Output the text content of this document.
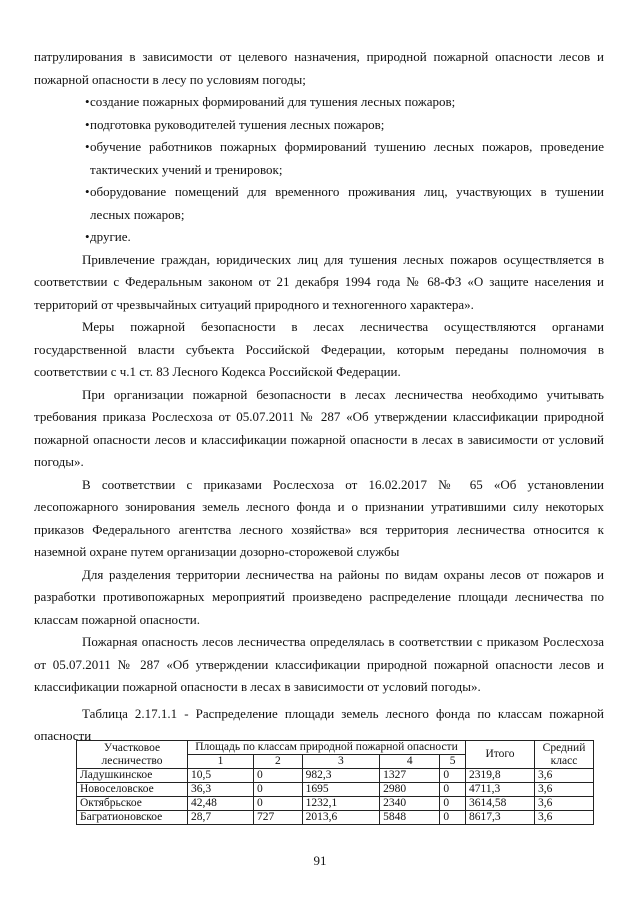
патрулирования в зависимости от целевого назначения, природной пожарной опасности лесов и пожарной опасности в лесу по условиям погоды;

• создание пожарных формирований для тушения лесных пожаров;

• подготовка руководителей тушения лесных пожаров;

• обучение работников пожарных формирований тушению лесных пожаров, проведение тактических учений и тренировок;

• оборудование помещений для временного проживания лиц, участвующих в тушении лесных пожаров;

• другие.

Привлечение граждан, юридических лиц для тушения лесных пожаров осуществляется в соответствии с Федеральным законом от 21 декабря 1994 года № 68-ФЗ «О защите населения и территорий от чрезвычайных ситуаций природного и техногенного характера».

Меры пожарной безопасности в лесах лесничества осуществляются органами государственной власти субъекта Российской Федерации, которым переданы полномочия в соответствии с ч.1 ст. 83 Лесного Кодекса Российской Федерации.

При организации пожарной безопасности в лесах лесничества необходимо учитывать требования приказа Рослесхоза от 05.07.2011 № 287 «Об утверждении классификации природной пожарной опасности лесов и классификации пожарной опасности в лесах в зависимости от условий погоды».

В соответствии с приказами Рослесхоза от 16.02.2017 № 65 «Об установлении лесопожарного зонирования земель лесного фонда и о признании утратившими силу некоторых приказов Федерального агентства лесного хозяйства» вся территория лесничества относится к наземной охране путем организации дозорно-сторожевой службы

Для разделения территории лесничества на районы по видам охраны лесов от пожаров и разработки противопожарных мероприятий произведено распределение площади лесничества по классам пожарной опасности.

Пожарная опасность лесов лесничества определялась в соответствии с приказом Рослесхоза от 05.07.2011 № 287 «Об утверждении классификации природной пожарной опасности лесов и классификации пожарной опасности в лесах в зависимости от условий погоды».

Таблица 2.17.1.1 - Распределение площади земель лесного фонда по классам пожарной опасности

Участковое лесничество	Площадь по классам природной пожарной опасности					Итого	Средний класс
	1	2	3	4	5		
Ладушкинское	10,5	0	982,3	1327	0	2319,8	3,6
Новоселовское	36,3	0	1695	2980	0	4711,3	3,6
Октябрьское	42,48	0	1232,1	2340	0	3614,58	3,6
Багратионовское	28,7	727	2013,6	5848	0	8617,3	3,6
91
